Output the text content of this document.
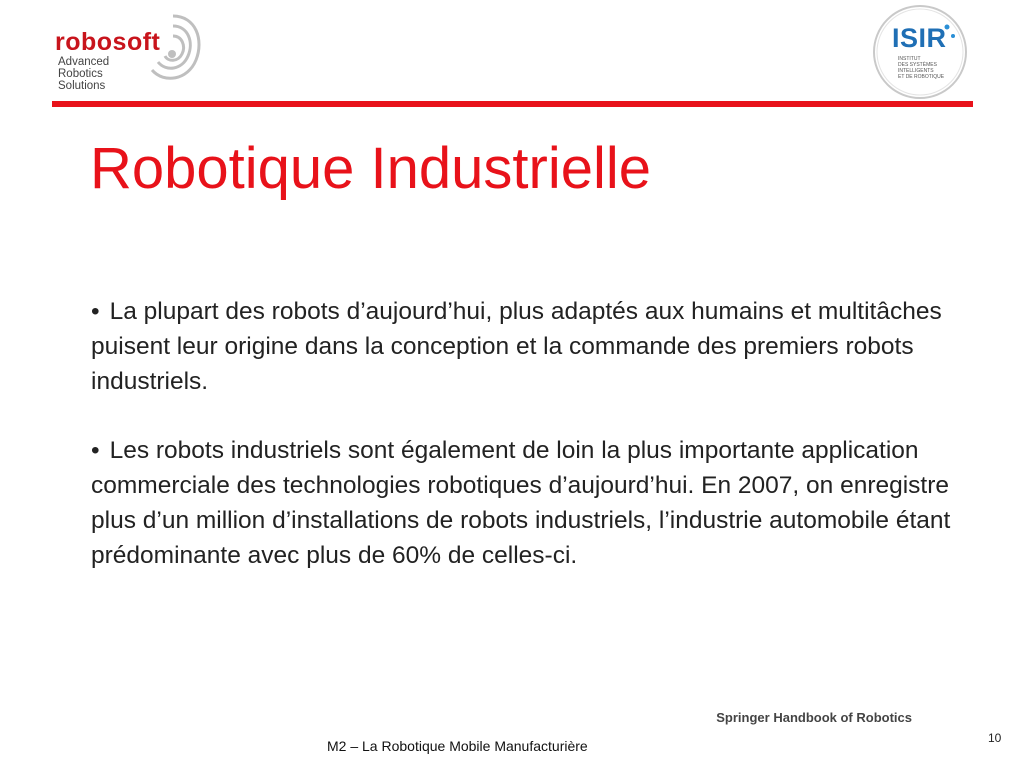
robosoft
Advanced
Robotics
Solutions
ISIR
INSTITUT
DES SYSTÈMES
INTELLIGENTS
ET DE ROBOTIQUE
Robotique Industrielle

• La plupart des robots d’aujourd’hui, plus adaptés aux humains et multitâches puisent leur origine dans la conception et la commande des premiers robots industriels.

• Les robots industriels sont également de loin la plus importante application commerciale des technologies robotiques d’aujourd’hui. En 2007, on enregistre plus d’un million d’installations de robots industriels, l’industrie automobile étant prédominante avec plus de 60% de celles-ci.

Springer Handbook of Robotics
M2 – La Robotique Mobile Manufacturière	10
